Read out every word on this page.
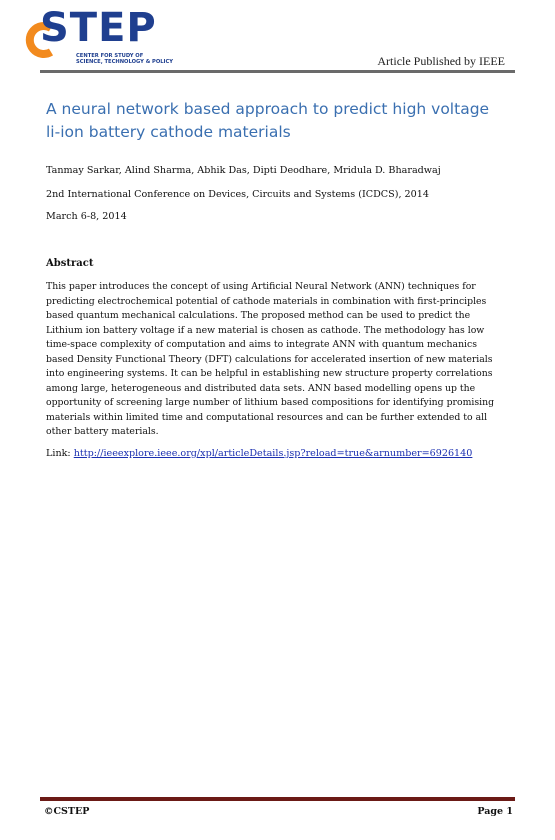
STEP
CENTER FOR STUDY OF
SCIENCE, TECHNOLOGY & POLICY	Article Published by IEEE
A neural network based approach to predict high voltage li-ion battery cathode materials
Tanmay Sarkar, Alind Sharma, Abhik Das, Dipti Deodhare, Mridula D. Bharadwaj
2nd International Conference on Devices, Circuits and Systems (ICDCS), 2014
March 6-8, 2014
Abstract
This paper introduces the concept of using Artificial Neural Network (ANN) techniques for
predicting electrochemical potential of cathode materials in combination with first-principles
based quantum mechanical calculations. The proposed method can be used to predict the
Lithium ion battery voltage if a new material is chosen as cathode. The methodology has low
time-space complexity of computation and aims to integrate ANN with quantum mechanics
based Density Functional Theory (DFT) calculations for accelerated insertion of new materials
into engineering systems. It can be helpful in establishing new structure property correlations
among large, heterogeneous and distributed data sets. ANN based modelling opens up the
opportunity of screening large number of lithium based compositions for identifying promising
materials within limited time and computational resources and can be further extended to all
other battery materials.
Link: http://ieeexplore.ieee.org/xpl/articleDetails.jsp?reload=true&arnumber=6926140
©CSTEP	Page 1
